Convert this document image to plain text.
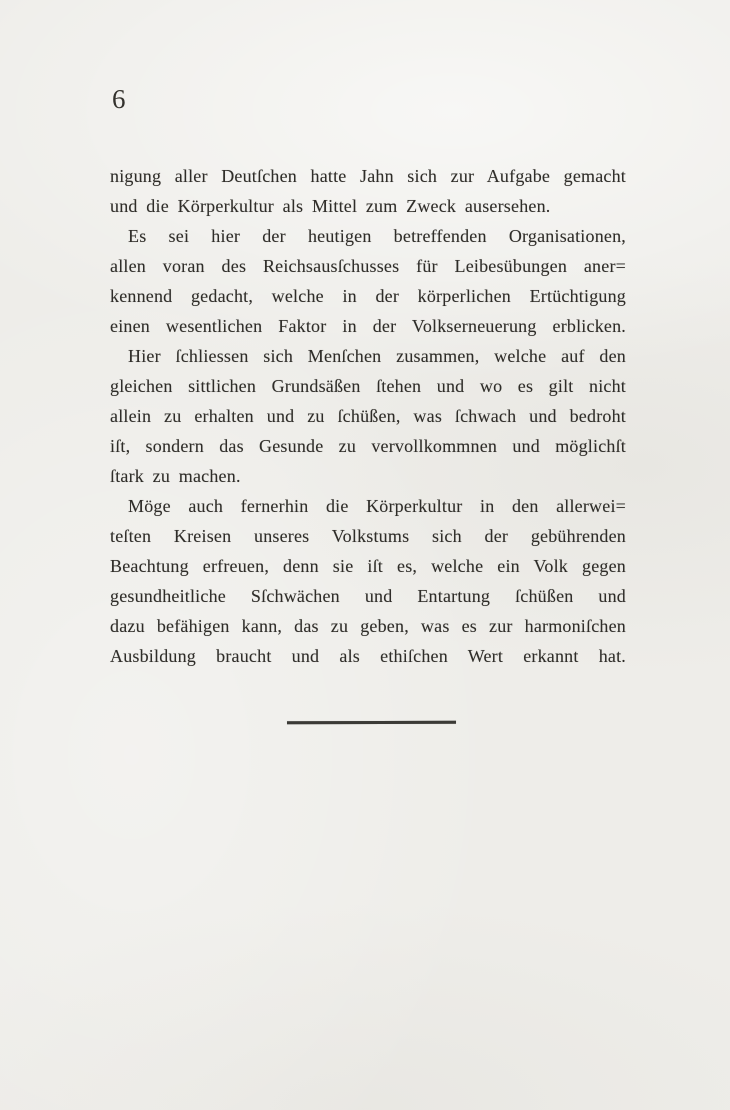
6
nigung aller Deutſchen hatte Jahn sich zur Aufgabe gemacht
und die Körperkultur als Mittel zum Zweck ausersehen.
Es sei hier der heutigen betreffenden Organisationen,
allen voran des Reichsausſchusses für Leibesübungen aner=
kennend gedacht, welche in der körperlichen Ertüchtigung
einen wesentlichen Faktor in der Volkserneuerung erblicken.
Hier ſchliessen sich Menſchen zusammen, welche auf den
gleichen sittlichen Grundsäßen ſtehen und wo es gilt nicht
allein zu erhalten und zu ſchüßen, was ſchwach und bedroht
iſt, sondern das Gesunde zu vervollkommnen und möglichſt
ſtark zu machen.
Möge auch fernerhin die Körperkultur in den allerwei=
teſten Kreisen unseres Volkstums sich der gebührenden
Beachtung erfreuen, denn sie iſt es, welche ein Volk gegen
gesundheitliche Sſchwächen und Entartung ſchüßen und
dazu befähigen kann, das zu geben, was es zur harmoniſchen
Ausbildung braucht und als ethiſchen Wert erkannt hat.
